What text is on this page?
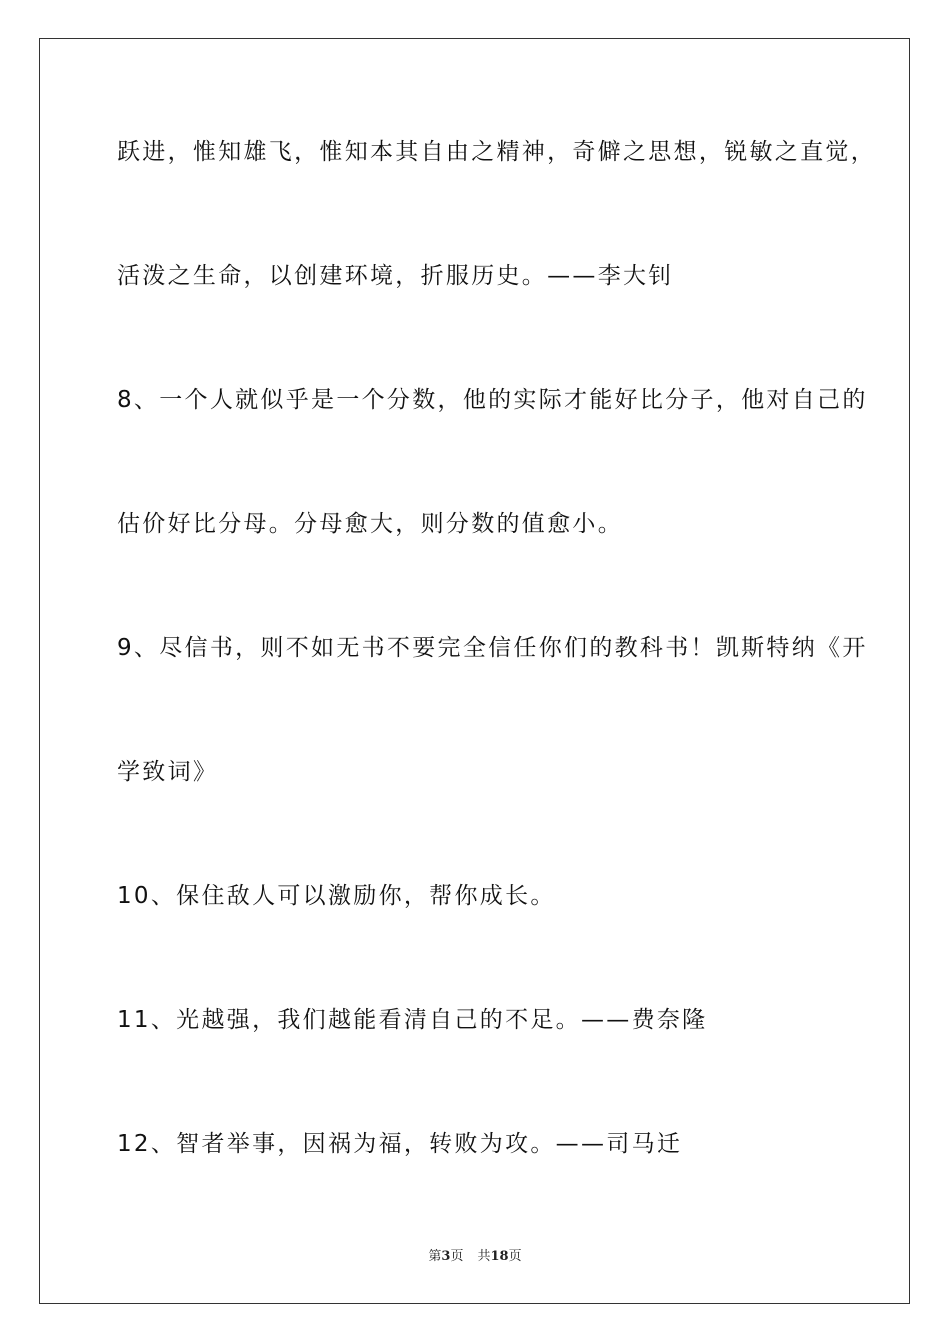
跃进，惟知雄飞，惟知本其自由之精神，奇僻之思想，锐敏之直觉，
活泼之生命，以创建环境，折服历史。——李大钊
8、一个人就似乎是一个分数，他的实际才能好比分子，他对自己的
估价好比分母。分母愈大，则分数的值愈小。
9、尽信书，则不如无书不要完全信任你们的教科书！凯斯特纳《开
学致词》
10、保住敌人可以激励你，帮你成长。
11、光越强，我们越能看清自己的不足。——费奈隆
12、智者举事，因祸为福，转败为攻。——司马迁
第3页 共18页
